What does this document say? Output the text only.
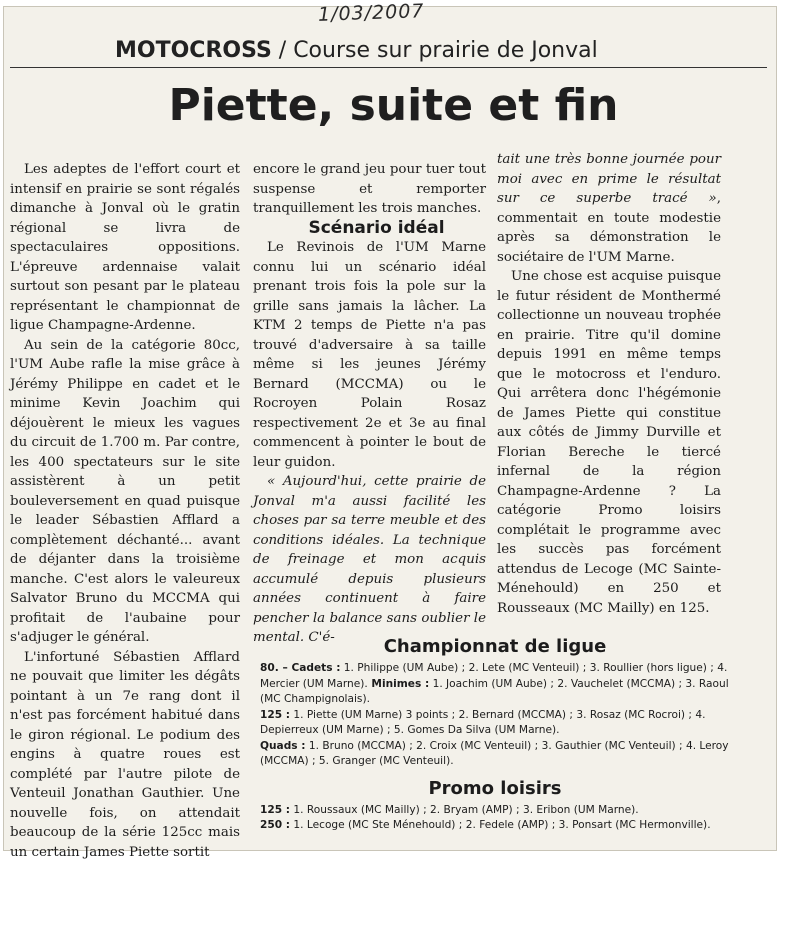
1/03/2007
MOTOCROSS / Course sur prairie de Jonval
Piette, suite et fin

Les adeptes de l'effort court et intensif en prairie se sont régalés dimanche à Jonval où le gratin régional se livra de spectaculaires oppositions. L'épreuve ardennaise valait surtout son pesant par le plateau représentant le championnat de ligue Champagne-Ardenne.

Au sein de la catégorie 80cc, l'UM Aube rafle la mise grâce à Jérémy Philippe en cadet et le minime Kevin Joachim qui déjouèrent le mieux les vagues du circuit de 1.700 m. Par contre, les 400 spectateurs sur le site assistèrent à un petit bouleversement en quad puisque le leader Sébastien Afflard a complètement déchanté... avant de déjanter dans la troisième manche. C'est alors le valeureux Salvator Bruno du MCCMA qui profitait de l'aubaine pour s'adjuger le général.

L'infortuné Sébastien Afflard ne pouvait que limiter les dégâts pointant à un 7e rang dont il n'est pas forcément habitué dans le giron régional. Le podium des engins à quatre roues est complété par l'autre pilote de Venteuil Jonathan Gauthier. Une nouvelle fois, on attendait beaucoup de la série 125cc mais un certain James Piette sortit

encore le grand jeu pour tuer tout suspense et remporter tranquillement les trois manches.

Scénario idéal

Le Revinois de l'UM Marne connu lui un scénario idéal prenant trois fois la pole sur la grille sans jamais la lâcher. La KTM 2 temps de Piette n'a pas trouvé d'adversaire à sa taille même si les jeunes Jérémy Bernard (MCCMA) ou le Rocroyen Polain Rosaz respectivement 2e et 3e au final commencent à pointer le bout de leur guidon.

« Aujourd'hui, cette prairie de Jonval m'a aussi facilité les choses par sa terre meuble et des conditions idéales. La technique de freinage et mon acquis accumulé depuis plusieurs années continuent à faire pencher la balance sans oublier le mental. C'é-

tait une très bonne journée pour moi avec en prime le résultat sur ce superbe tracé », commentait en toute modestie après sa démonstration le sociétaire de l'UM Marne.

Une chose est acquise puisque le futur résident de Monthermé collectionne un nouveau trophée en prairie. Titre qu'il domine depuis 1991 en même temps que le motocross et l'enduro. Qui arrêtera donc l'hégémonie de James Piette qui constitue aux côtés de Jimmy Durville et Florian Bereche le tiercé infernal de la région Champagne-Ardenne ? La catégorie Promo loisirs complétait le programme avec les succès pas forcément attendus de Lecoge (MC Sainte-Ménehould) en 250 et Rousseaux (MC Mailly) en 125.

Championnat de ligue

80. – Cadets : 1. Philippe (UM Aube) ; 2. Lete (MC Venteuil) ; 3. Roullier (hors ligue) ; 4. Mercier (UM Marne). Minimes : 1. Joachim (UM Aube) ; 2. Vauchelet (MCCMA) ; 3. Raoul (MC Champignolais).

125 : 1. Piette (UM Marne) 3 points ; 2. Bernard (MCCMA) ; 3. Rosaz (MC Rocroi) ; 4. Depierreux (UM Marne) ; 5. Gomes Da Silva (UM Marne).

Quads : 1. Bruno (MCCMA) ; 2. Croix (MC Venteuil) ; 3. Gauthier (MC Venteuil) ; 4. Leroy (MCCMA) ; 5. Granger (MC Venteuil).

Promo loisirs

125 : 1. Roussaux (MC Mailly) ; 2. Bryam (AMP) ; 3. Eribon (UM Marne).

250 : 1. Lecoge (MC Ste Ménehould) ; 2. Fedele (AMP) ; 3. Ponsart (MC Hermonville).
